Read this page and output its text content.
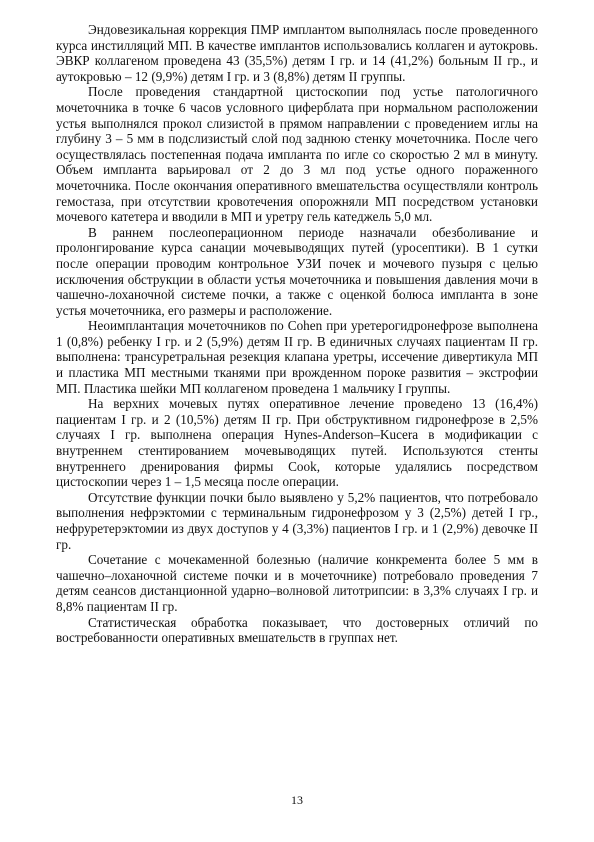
Эндовезикальная коррекция ПМР имплантом выполнялась после проведенного курса инстилляций МП. В качестве имплантов использовались коллаген и аутокровь. ЭВКР коллагеном проведена 43 (35,5%) детям I гр. и 14 (41,2%) больным II гр., и аутокровью – 12 (9,9%) детям I гр. и 3 (8,8%) детям II группы.

После проведения стандартной цистоскопии под устье патологичного мочеточника в точке 6 часов условного циферблата при нормальном расположении устья выполнялся прокол слизистой в прямом направлении с проведением иглы на глубину 3 – 5 мм в подслизистый слой под заднюю стенку мочеточника. После чего осуществлялась постепенная подача импланта по игле со скоростью 2 мл в минуту. Объем импланта варьировал от 2 до 3 мл под устье одного пораженного мочеточника. После окончания оперативного вмешательства осуществляли контроль гемостаза, при отсутствии кровотечения опорожняли МП посредством установки мочевого катетера и вводили в МП и уретру гель катеджель 5,0 мл.

В раннем послеоперационном периоде назначали обезболивание и пролонгирование курса санации мочевыводящих путей (уросептики). В 1 сутки после операции проводим контрольное УЗИ почек и мочевого пузыря с целью исключения обструкции в области устья мочеточника и повышения давления мочи в чашечно-лоханочной системе почки, а также с оценкой болюса импланта в зоне устья мочеточника, его размеры и расположение.

Неоимплантация мочеточников по Cohen при уретерогидронефрозе выполнена 1 (0,8%) ребенку I гр. и 2 (5,9%) детям II гр. В единичных случаях пациентам II гр. выполнена: трансуретральная резекция клапана уретры, иссечение дивертикула МП и пластика МП местными тканями при врожденном пороке развития – экстрофии МП. Пластика шейки МП коллагеном проведена 1 мальчику I группы.

На верхних мочевых путях оперативное лечение проведено 13 (16,4%) пациентам I гр. и 2 (10,5%) детям II гр. При обструктивном гидронефрозе в 2,5% случаях I гр. выполнена операция Hynes-Anderson–Kucera в модификации с внутреннем стентированием мочевыводящих путей. Используются стенты внутреннего дренирования фирмы Cook, которые удалялись посредством цистоскопии через 1 – 1,5 месяца после операции.

Отсутствие функции почки было выявлено у 5,2% пациентов, что потребовало выполнения нефрэктомии с терминальным гидронефрозом у 3 (2,5%) детей I гр., нефруретерэктомии из двух доступов у 4 (3,3%) пациентов I гр. и 1 (2,9%) девочке II гр.

Сочетание с мочекаменной болезнью (наличие конкремента более 5 мм в чашечно–лоханочной системе почки и в мочеточнике) потребовало проведения 7 детям сеансов дистанционной ударно–волновой литотрипсии: в 3,3% случаях I гр. и 8,8% пациентам II гр.

Статистическая обработка показывает, что достоверных отличий по востребованности оперативных вмешательств в группах нет.

13
